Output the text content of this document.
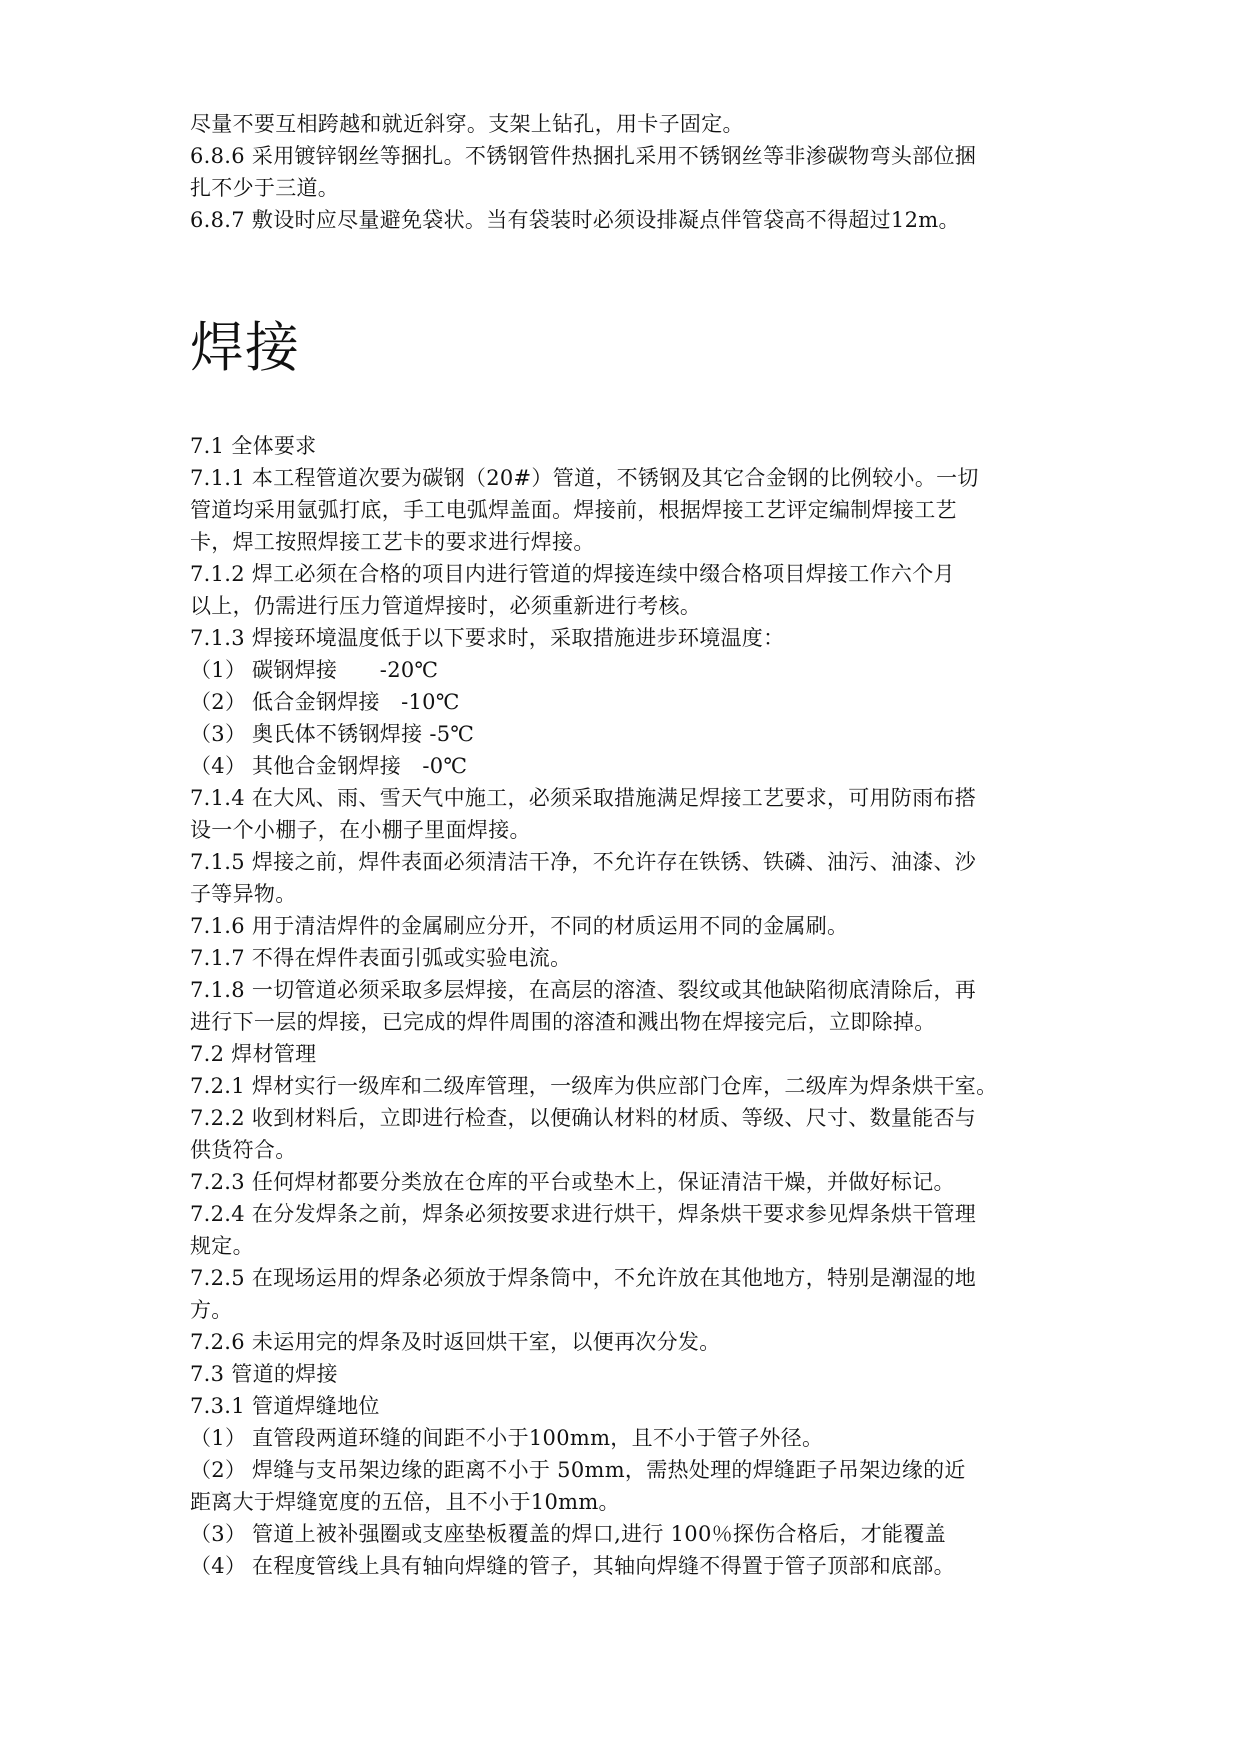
尽量不要互相跨越和就近斜穿。支架上钻孔，用卡子固定。

6.8.6 采用镀锌钢丝等捆扎。不锈钢管件热捆扎采用不锈钢丝等非渗碳物弯头部位捆

扎不少于三道。

6.8.7 敷设时应尽量避免袋状。当有袋装时必须设排凝点伴管袋高不得超过12m。

焊接

7.1 全体要求

7.1.1 本工程管道次要为碳钢（20#）管道，不锈钢及其它合金钢的比例较小。一切

管道均采用氩弧打底，手工电弧焊盖面。焊接前，根据焊接工艺评定编制焊接工艺

卡，焊工按照焊接工艺卡的要求进行焊接。

7.1.2 焊工必须在合格的项目内进行管道的焊接连续中缀合格项目焊接工作六个月

以上，仍需进行压力管道焊接时，必须重新进行考核。

7.1.3 焊接环境温度低于以下要求时，采取措施进步环境温度：

（1） 碳钢焊接　　-20℃

（2） 低合金钢焊接　-10℃

（3） 奥氏体不锈钢焊接 -5℃

（4） 其他合金钢焊接　-0℃

7.1.4 在大风、雨、雪天气中施工，必须采取措施满足焊接工艺要求，可用防雨布搭

设一个小棚子，在小棚子里面焊接。

7.1.5 焊接之前，焊件表面必须清洁干净，不允许存在铁锈、铁磷、油污、油漆、沙

子等异物。

7.1.6 用于清洁焊件的金属刷应分开，不同的材质运用不同的金属刷。

7.1.7 不得在焊件表面引弧或实验电流。

7.1.8 一切管道必须采取多层焊接，在高层的溶渣、裂纹或其他缺陷彻底清除后，再

进行下一层的焊接，已完成的焊件周围的溶渣和溅出物在焊接完后，立即除掉。

7.2 焊材管理

7.2.1 焊材实行一级库和二级库管理，一级库为供应部门仓库，二级库为焊条烘干室。

7.2.2 收到材料后，立即进行检查，以便确认材料的材质、等级、尺寸、数量能否与

供货符合。

7.2.3 任何焊材都要分类放在仓库的平台或垫木上，保证清洁干燥，并做好标记。

7.2.4 在分发焊条之前，焊条必须按要求进行烘干，焊条烘干要求参见焊条烘干管理

规定。

7.2.5 在现场运用的焊条必须放于焊条筒中，不允许放在其他地方，特别是潮湿的地

方。

7.2.6 未运用完的焊条及时返回烘干室，以便再次分发。

7.3 管道的焊接

7.3.1 管道焊缝地位

（1） 直管段两道环缝的间距不小于100mm，且不小于管子外径。

（2） 焊缝与支吊架边缘的距离不小于 50mm，需热处理的焊缝距子吊架边缘的近

距离大于焊缝宽度的五倍，且不小于10mm。

（3） 管道上被补强圈或支座垫板覆盖的焊口,进行 100％探伤合格后，才能覆盖

（4） 在程度管线上具有轴向焊缝的管子，其轴向焊缝不得置于管子顶部和底部。
